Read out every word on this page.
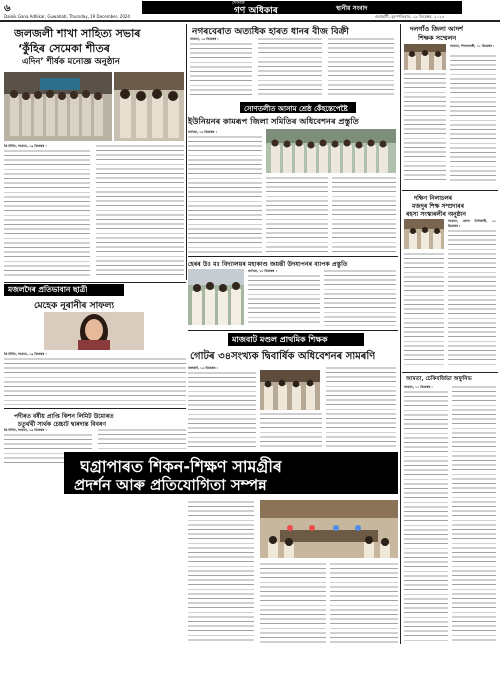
৬	দৈনিক
গণ অধিকাৰ	স্থানীয় সংবাদ
Dainik Gana Adhikar, Guwahati, Thursday, 19 December, 2024	গুৱাহাটী, বৃহস্পতিবাৰ, ১৯ ডিচেম্বৰ, ২০২৪
জলজলী শাখা সাহিত্য সভাৰ
‘কুঁহিৰ সেমেকা শীতৰ
এদিন’ শীৰ্ষক মনোজ্ঞ অনুষ্ঠান
ইচ চিনিব, আমতা, ১০ ডিচেম্বৰ :
নগৰবেৰাত অত্যধিক হাৰত ধানৰ বীজ বিক্ৰী
আমতা, ১৩ ডিচেম্বৰ :
সোণতলীত আসাম শ্ৰেষ্ঠ কেঁহন্তেপেষ্টৈ
ইউনিয়নৰ কামৰূপ জিলা সমিতিৰ অধিবেশনৰ প্ৰস্তুতি
ৰংগিয়া, ১৩ ডিচেম্বৰ :
হেৰৰ উঃ মঃ বিদ্যালয়ৰ মহাকাণ্ড জয়ন্তী উদযাপনৰ ব্যাপক প্ৰস্তুতি
ৰংগিয়া, ১৮ ডিচেম্বৰ :
দলগাঁও জিলা আদৰ্শ
শিক্ষক সম্মেলন
আমতা, শিমলাবাৰী, ১১ ডিচেম্বৰ :
দক্ষিণ নিলাচলৰ
মজদুৰ শিক্ষ সম্প্ৰদাৰৰ
ৰহস্য সংস্কাৰলীৰ অনুষ্ঠান
আমতা, কোনা তিনিবাৰী, ১১ ডিচেম্বৰ :
আমতা, চেকিবৰ্জিডা অফুনিভ
আমতা, ১১ ডিচেম্বৰ :
মজলদৈৰ প্ৰতিভাবান ছাত্ৰী
মেহেক নূৰানীৰ সাফল্য
ইচ চিনিব, আমতা, ১০ ডিচেম্বৰ :
পদীৰত বৰ্ষীয় প্ৰাপ্তি কিশন লিমিট উমোৰত
চতুৰ্থৰ্থী সাৰ্থক চেচ্চাট দ্বাৰদান্ত বিবৰণ
ইচ চিনিব, আমতা, ১০ ডিচেম্বৰ :
মাজবাট মণ্ডল প্ৰাথমিক শিক্ষক
গোটৰ ৩৪সংখ্যক দ্বিবাৰ্ষিক অধিবেশনৰ সামৰণি
মাজবাট, ১৩ ডিচেম্বৰ :
ঘগ্ৰাপাৰত শিকন-শিক্ষণ সামগ্ৰীৰ
প্ৰদৰ্শন আৰু প্ৰতিযোগিতা সম্পন্ন
